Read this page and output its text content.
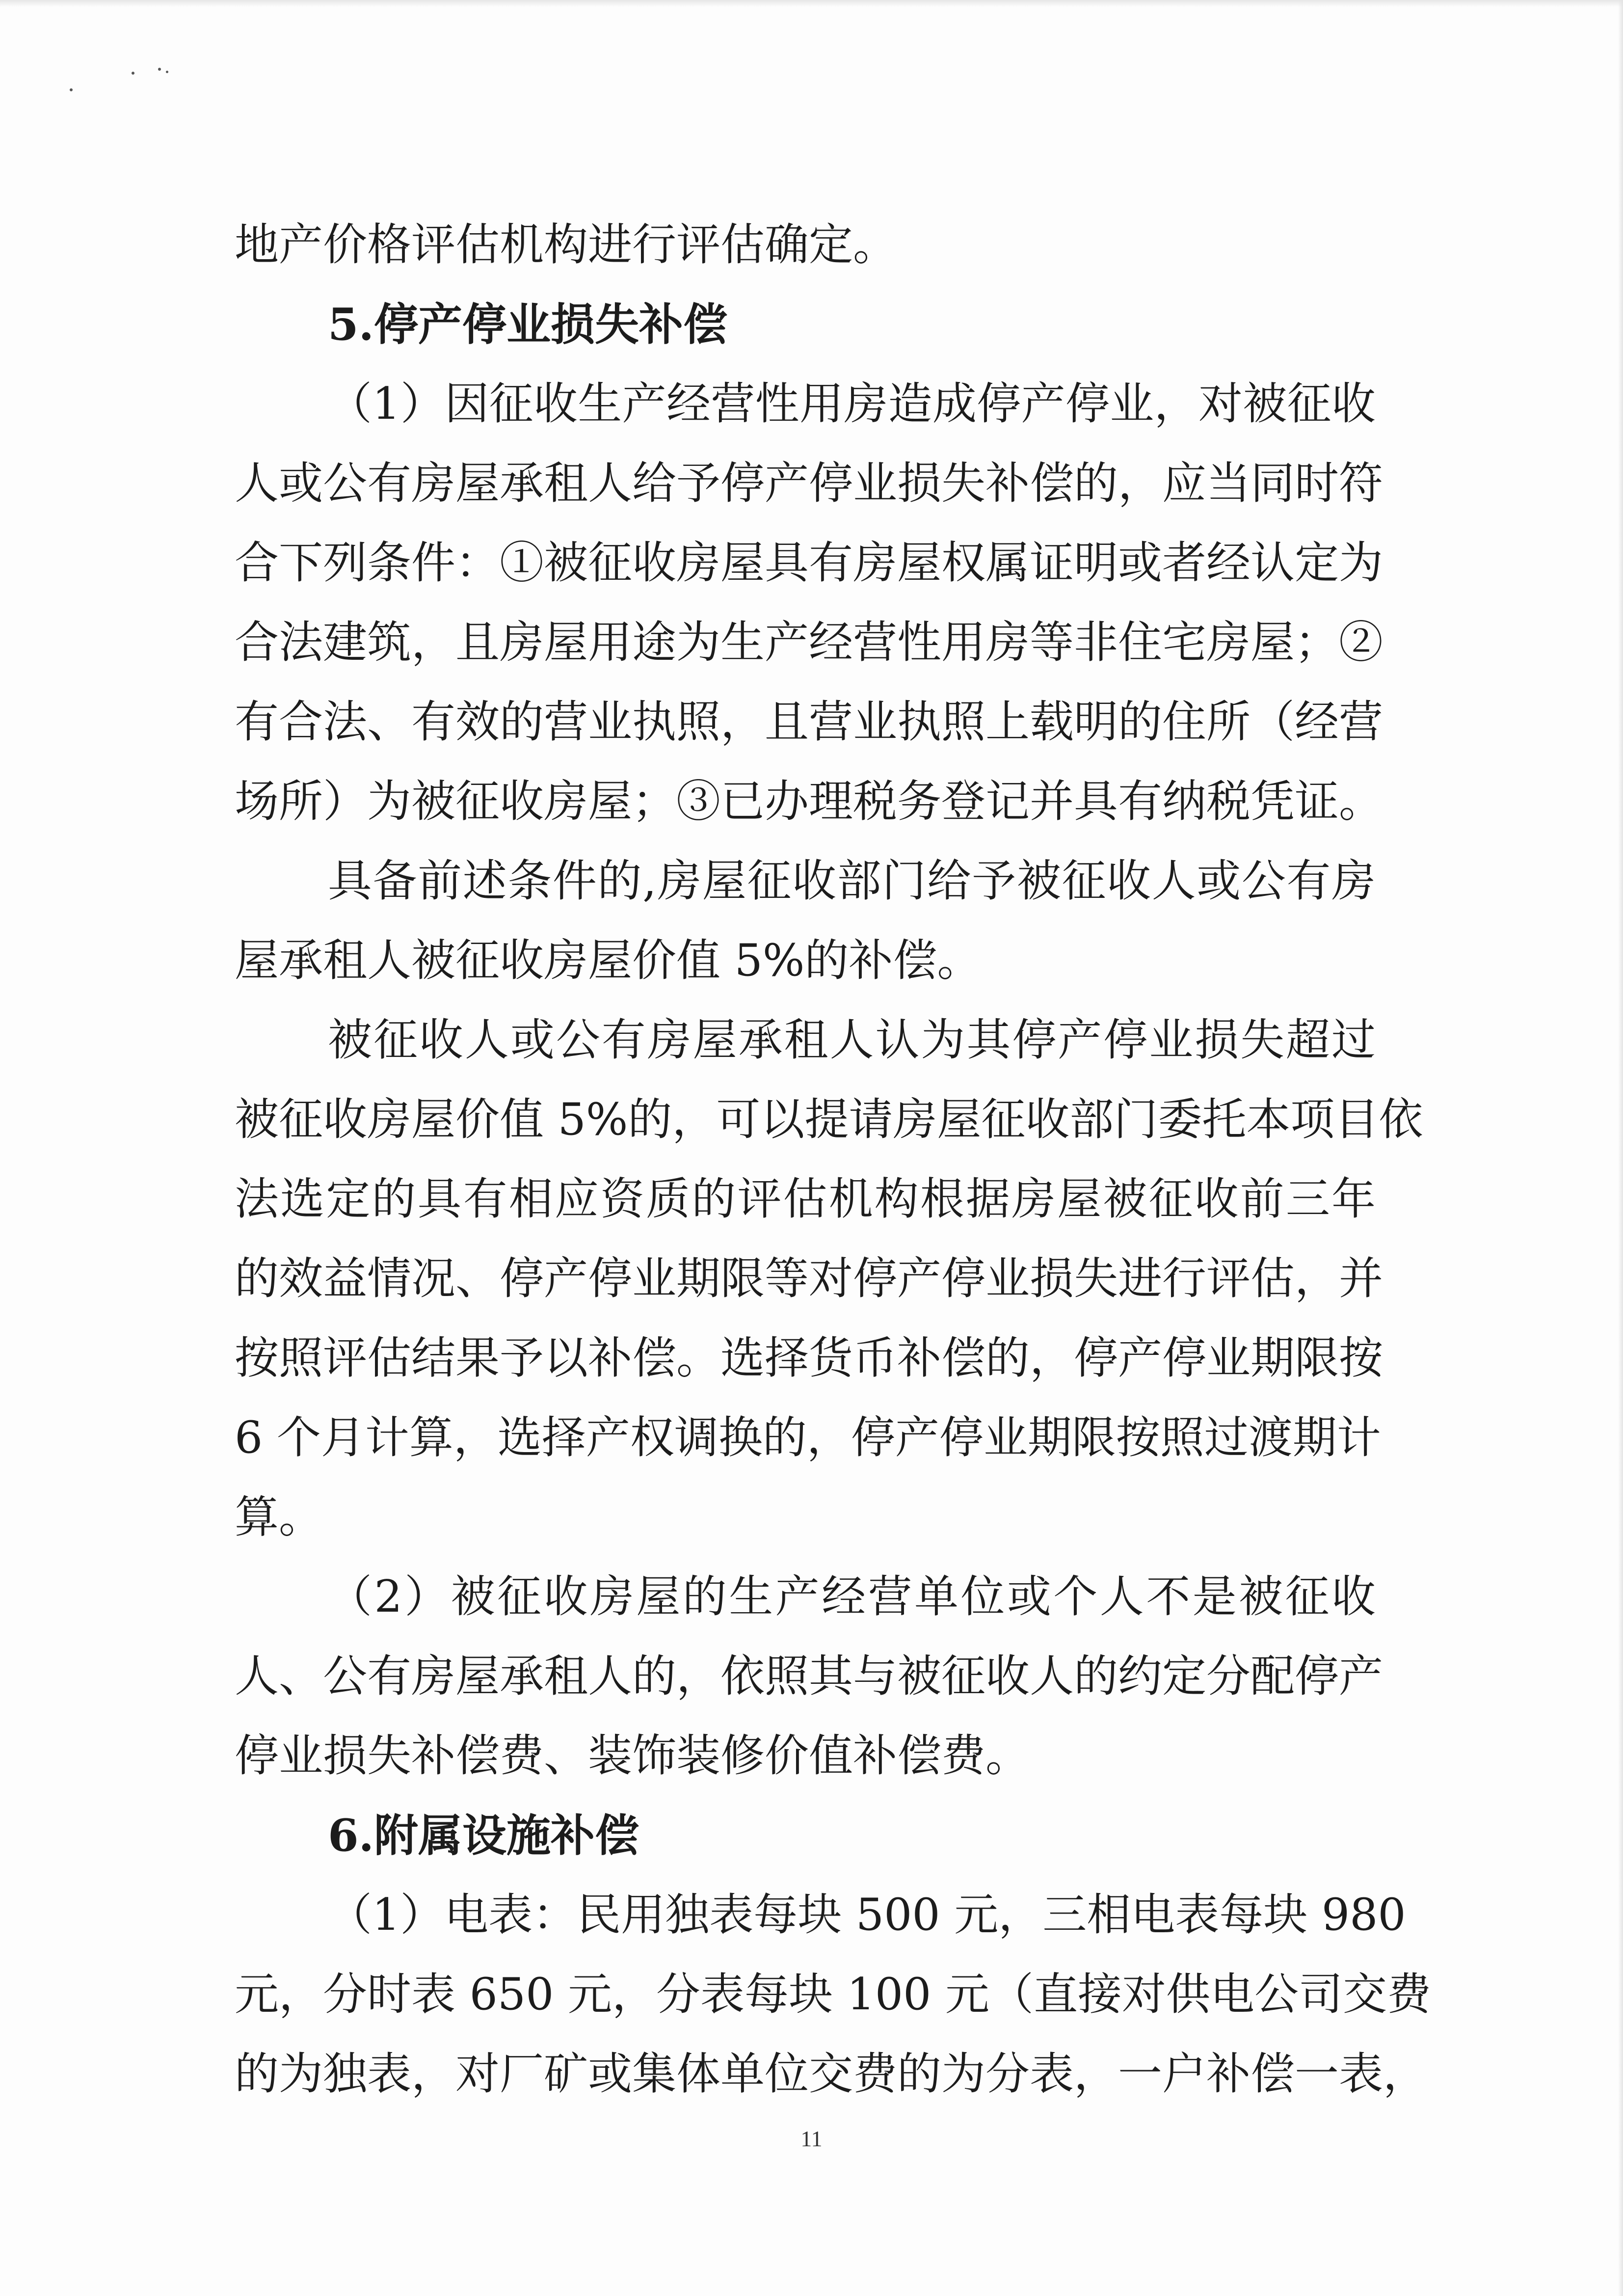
地产价格评估机构进行评估确定。

5.停产停业损失补偿

（1）因征收生产经营性用房造成停产停业，对被征收

人或公有房屋承租人给予停产停业损失补偿的，应当同时符

合下列条件：①被征收房屋具有房屋权属证明或者经认定为

合法建筑，且房屋用途为生产经营性用房等非住宅房屋；②

有合法、有效的营业执照，且营业执照上载明的住所（经营

场所）为被征收房屋；③已办理税务登记并具有纳税凭证。

具备前述条件的,房屋征收部门给予被征收人或公有房

屋承租人被征收房屋价值 5%的补偿。

被征收人或公有房屋承租人认为其停产停业损失超过

被征收房屋价值 5%的，可以提请房屋征收部门委托本项目依

法选定的具有相应资质的评估机构根据房屋被征收前三年

的效益情况、停产停业期限等对停产停业损失进行评估，并

按照评估结果予以补偿。选择货币补偿的，停产停业期限按

6 个月计算，选择产权调换的，停产停业期限按照过渡期计

算。

（2）被征收房屋的生产经营单位或个人不是被征收

人、公有房屋承租人的，依照其与被征收人的约定分配停产

停业损失补偿费、装饰装修价值补偿费。

6.附属设施补偿

（1）电表：民用独表每块 500 元，三相电表每块 980

元，分时表 650 元，分表每块 100 元（直接对供电公司交费

的为独表，对厂矿或集体单位交费的为分表，一户补偿一表，

11
